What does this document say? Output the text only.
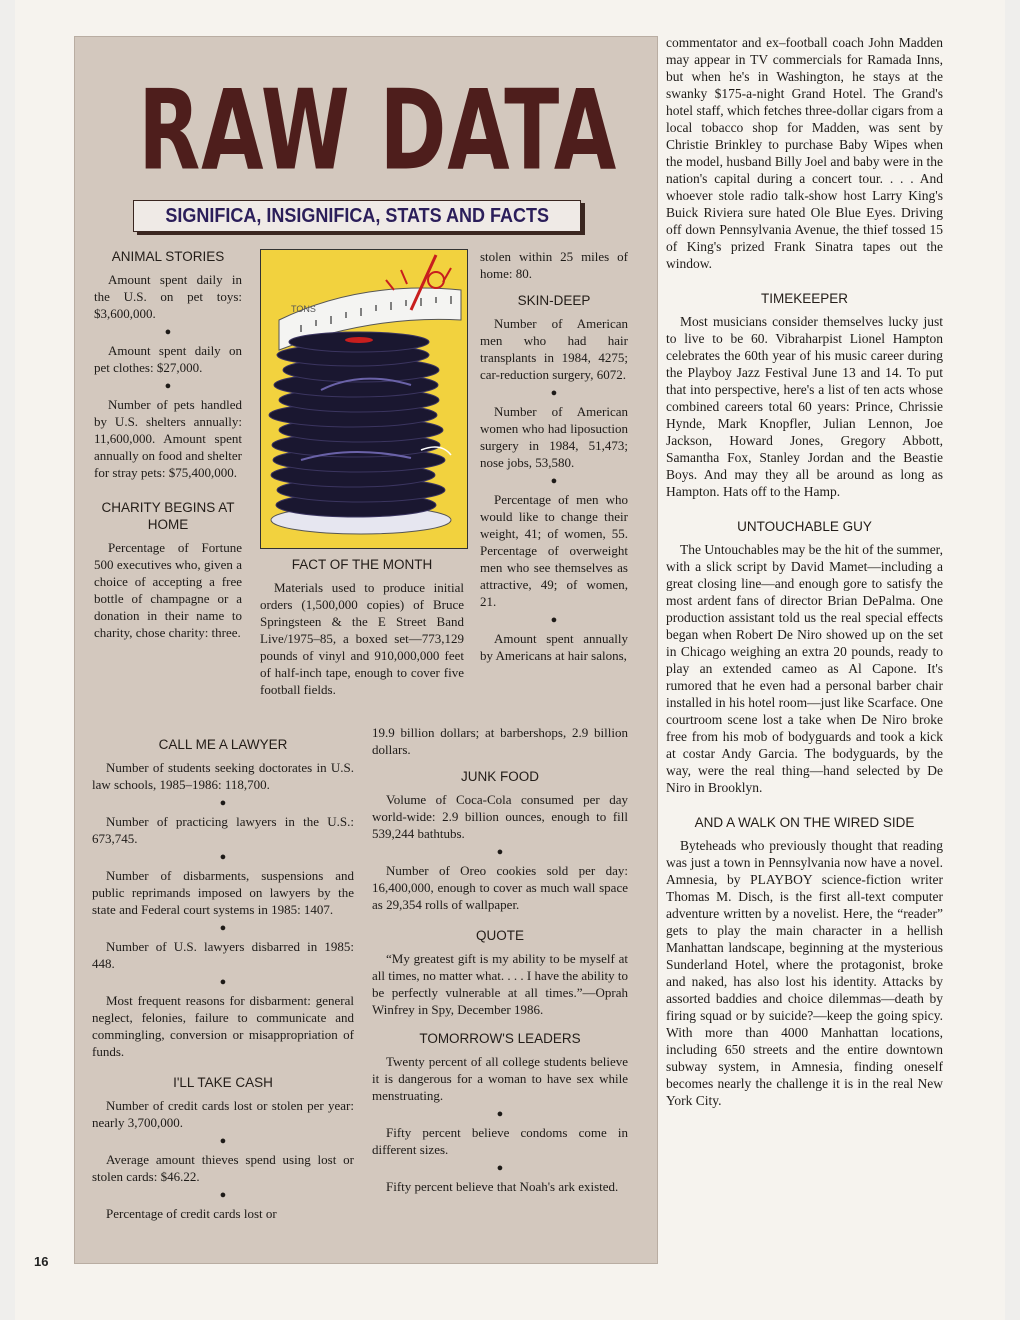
RAW DATA
SIGNIFICA, INSIGNIFICA, STATS AND FACTS
TONS
ANIMAL STORIES

Amount spent daily in the U.S. on pet toys: $3,600,000.

●

Amount spent daily on pet clothes: $27,000.

●

Number of pets handled by U.S. shelters annually: 11,600,000. Amount spent annually on food and shelter for stray pets: $75,400,000.

CHARITY BEGINS AT HOME

Percentage of Fortune 500 executives who, given a choice of accepting a free bottle of champagne or a donation in their name to charity, chose charity: three.

FACT OF THE MONTH

Materials used to produce initial orders (1,500,000 copies) of Bruce Springsteen & the E Street Band Live/1975–85, a boxed set—773,129 pounds of vinyl and 910,000,000 feet of half-inch tape, enough to cover five football fields.

stolen within 25 miles of home: 80.

SKIN-DEEP

Number of American men who had hair transplants in 1984, 4275; car-reduction surgery, 6072.

●

Number of American women who had liposuction surgery in 1984, 51,473; nose jobs, 53,580.

●

Percentage of men who would like to change their weight, 41; of women, 55. Percentage of overweight men who see themselves as attractive, 49; of women, 21.

●

Amount spent annually by Americans at hair salons,

CALL ME A LAWYER

Number of students seeking doctorates in U.S. law schools, 1985–1986: 118,700.

●

Number of practicing lawyers in the U.S.: 673,745.

●

Number of disbarments, suspensions and public reprimands imposed on lawyers by the state and Federal court systems in 1985: 1407.

●

Number of U.S. lawyers disbarred in 1985: 448.

●

Most frequent reasons for disbarment: general neglect, felonies, failure to communicate and commingling, conversion or misappropriation of funds.

I'LL TAKE CASH

Number of credit cards lost or stolen per year: nearly 3,700,000.

●

Average amount thieves spend using lost or stolen cards: $46.22.

●

Percentage of credit cards lost or

19.9 billion dollars; at barbershops, 2.9 billion dollars.

JUNK FOOD

Volume of Coca-Cola consumed per day world-wide: 2.9 billion ounces, enough to fill 539,244 bathtubs.

●

Number of Oreo cookies sold per day: 16,400,000, enough to cover as much wall space as 29,354 rolls of wallpaper.

QUOTE

“My greatest gift is my ability to be myself at all times, no matter what. . . . I have the ability to be perfectly vulnerable at all times.”—Oprah Winfrey in Spy, December 1986.

TOMORROW'S LEADERS

Twenty percent of all college students believe it is dangerous for a woman to have sex while menstruating.

●

Fifty percent believe condoms come in different sizes.

●

Fifty percent believe that Noah's ark existed.

commentator and ex–football coach John Madden may appear in TV commercials for Ramada Inns, but when he's in Washington, he stays at the swanky $175-a-night Grand Hotel. The Grand's hotel staff, which fetches three-dollar cigars from a local tobacco shop for Madden, was sent by Christie Brinkley to purchase Baby Wipes when the model, husband Billy Joel and baby were in the nation's capital during a concert tour. . . . And whoever stole radio talk-show host Larry King's Buick Riviera sure hated Ole Blue Eyes. Driving off down Pennsylvania Avenue, the thief tossed 15 of King's prized Frank Sinatra tapes out the window.

TIMEKEEPER

Most musicians consider themselves lucky just to live to be 60. Vibraharpist Lionel Hampton celebrates the 60th year of his music career during the Playboy Jazz Festival June 13 and 14. To put that into perspective, here's a list of ten acts whose combined careers total 60 years: Prince, Chrissie Hynde, Mark Knopfler, Julian Lennon, Joe Jackson, Howard Jones, Gregory Abbott, Samantha Fox, Stanley Jordan and the Beastie Boys. And may they all be around as long as Hampton. Hats off to the Hamp.

UNTOUCHABLE GUY

The Untouchables may be the hit of the summer, with a slick script by David Mamet—including a great closing line—and enough gore to satisfy the most ardent fans of director Brian DePalma. One production assistant told us the real special effects began when Robert De Niro showed up on the set in Chicago weighing an extra 20 pounds, ready to play an extended cameo as Al Capone. It's rumored that he even had a personal barber chair installed in his hotel room—just like Scarface. One courtroom scene lost a take when De Niro broke free from his mob of bodyguards and took a kick at costar Andy Garcia. The bodyguards, by the way, were the real thing—hand selected by De Niro in Brooklyn.

AND A WALK ON THE WIRED SIDE

Byteheads who previously thought that reading was just a town in Pennsylvania now have a novel. Amnesia, by PLAYBOY science-fiction writer Thomas M. Disch, is the first all-text computer adventure written by a novelist. Here, the “reader” gets to play the main character in a hellish Manhattan landscape, beginning at the mysterious Sunderland Hotel, where the protagonist, broke and naked, has also lost his identity. Attacks by assorted baddies and choice dilemmas—death by firing squad or by suicide?—keep the going spicy. With more than 4000 Manhattan locations, including 650 streets and the entire downtown subway system, in Amnesia, finding oneself becomes nearly the challenge it is in the real New York City.

16
